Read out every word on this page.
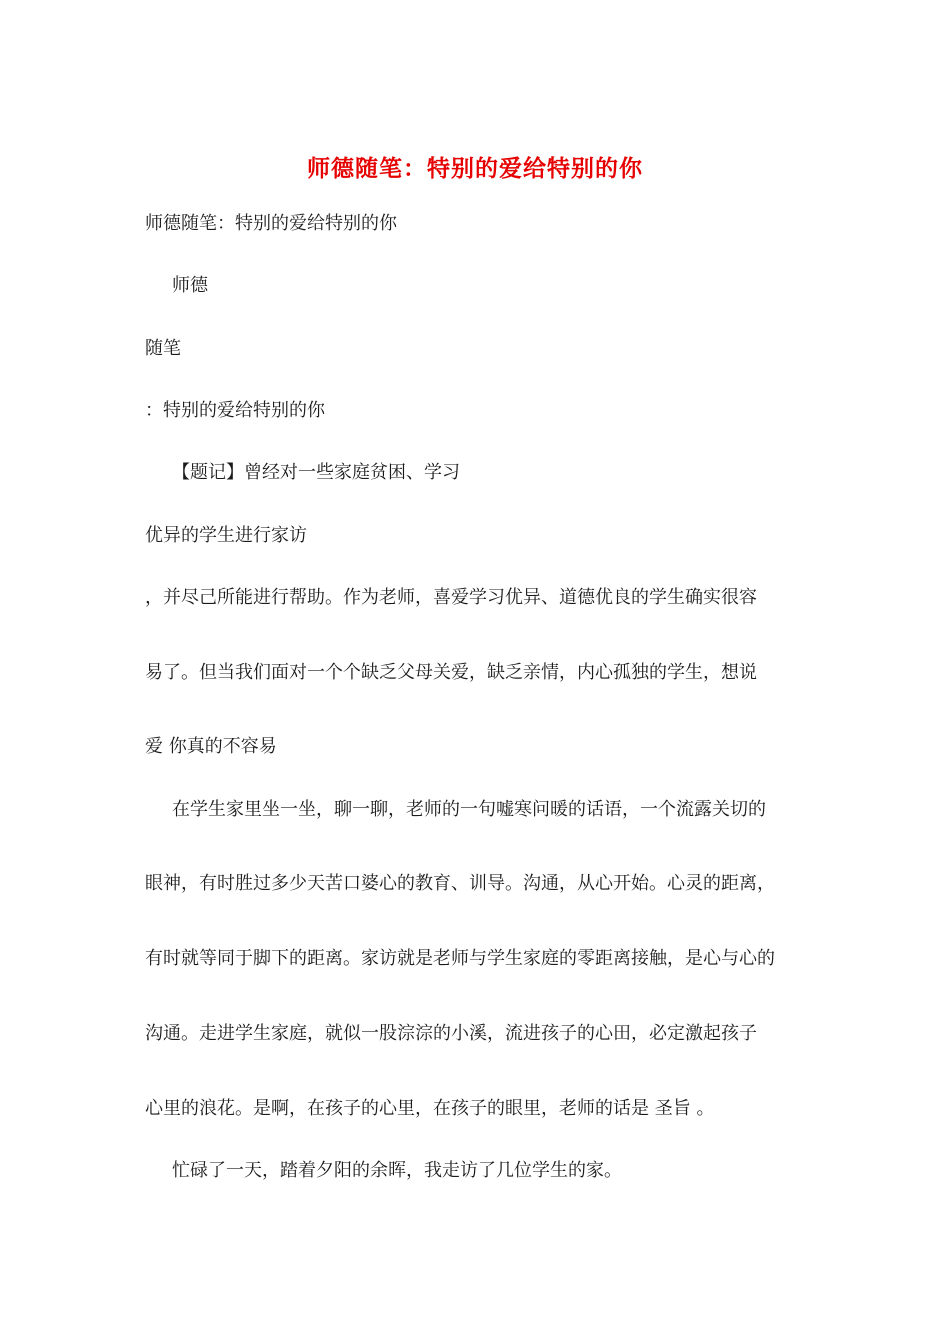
师德随笔：特别的爱给特别的你
师德随笔：特别的爱给特别的你
师德
随笔
：特别的爱给特别的你
【题记】曾经对一些家庭贫困、学习
优异的学生进行家访
，并尽己所能进行帮助。作为老师，喜爱学习优异、道德优良的学生确实很容
易了。但当我们面对一个个缺乏父母关爱，缺乏亲情，内心孤独的学生，想说
爱 你真的不容易
在学生家里坐一坐，聊一聊，老师的一句嘘寒问暖的话语，一个流露关切的
眼神，有时胜过多少天苦口婆心的教育、训导。沟通，从心开始。心灵的距离，
有时就等同于脚下的距离。家访就是老师与学生家庭的零距离接触，是心与心的
沟通。走进学生家庭，就似一股淙淙的小溪，流进孩子的心田，必定激起孩子
心里的浪花。是啊，在孩子的心里，在孩子的眼里，老师的话是 圣旨 。
忙碌了一天，踏着夕阳的余晖，我走访了几位学生的家。
